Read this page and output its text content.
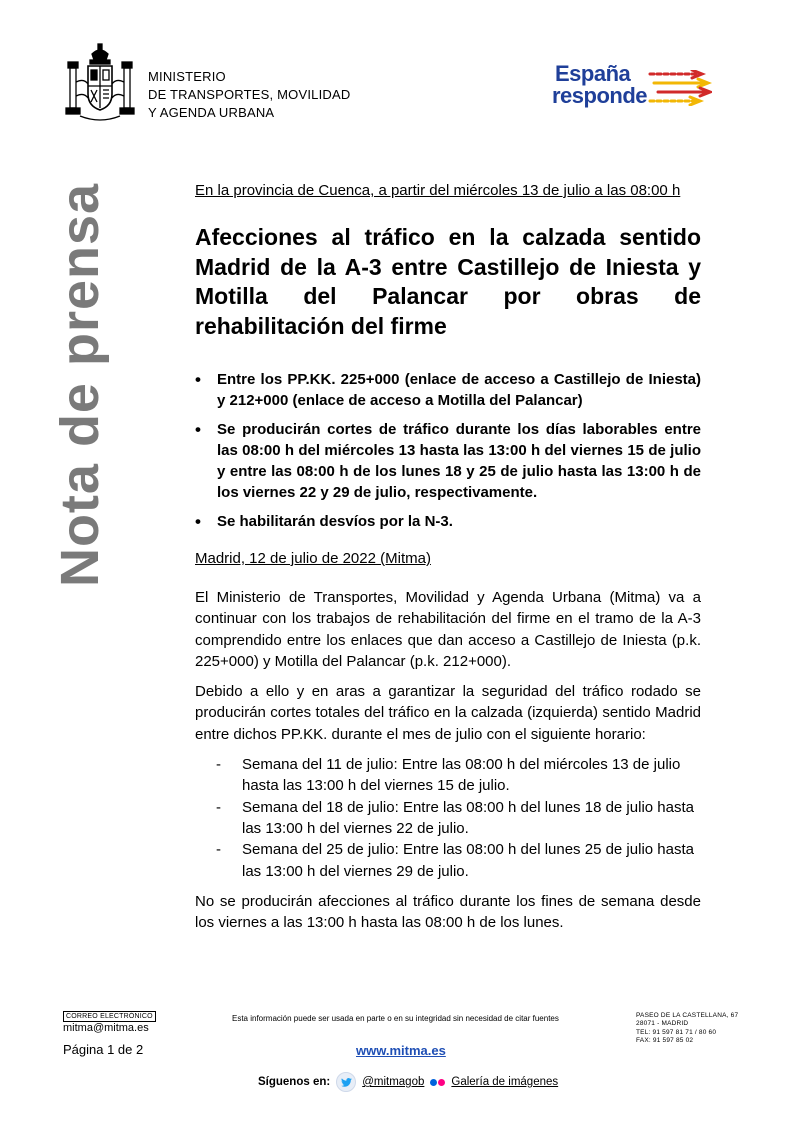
MINISTERIO
DE TRANSPORTES, MOVILIDAD
Y AGENDA URBANA
España
responde
Nota de prensa	En la provincia de Cuenca, a partir del miércoles 13 de julio a las 08:00 h

Afecciones al tráfico en la calzada sentido Madrid de la A-3 entre Castillejo de Iniesta y Motilla del Palancar por obras de rehabilitación del firme
• Entre los PP.KK. 225+000 (enlace de acceso a Castillejo de Iniesta) y 212+000 (enlace de acceso a Motilla del Palancar)
• Se producirán cortes de tráfico durante los días laborables entre las 08:00 h del miércoles 13 hasta las 13:00 h del viernes 15 de julio y entre las 08:00 h de los lunes 18 y 25 de julio hasta las 13:00 h de los viernes 22 y 29 de julio, respectivamente.
• Se habilitarán desvíos por la N-3.

Madrid, 12 de julio de 2022 (Mitma)

El Ministerio de Transportes, Movilidad y Agenda Urbana (Mitma) va a continuar con los trabajos de rehabilitación del firme en el tramo de la A-3 comprendido entre los enlaces que dan acceso a Castillejo de Iniesta (p.k. 225+000) y Motilla del Palancar (p.k. 212+000).

Debido a ello y en aras a garantizar la seguridad del tráfico rodado se producirán cortes totales del tráfico en la calzada (izquierda) sentido Madrid entre dichos PP.KK. durante el mes de julio con el siguiente horario:

- Semana del 11 de julio: Entre las 08:00 h del miércoles 13 de julio hasta las 13:00 h del viernes 15 de julio.
- Semana del 18 de julio: Entre las 08:00 h del lunes 18 de julio hasta las 13:00 h del viernes 22 de julio.
- Semana del 25 de julio: Entre las 08:00 h del lunes 25 de julio hasta las 13:00 h del viernes 29 de julio.

No se producirán afecciones al tráfico durante los fines de semana desde los viernes a las 13:00 h hasta las 08:00 h de los lunes.

CORREO ELECTRÓNICO
mitma@mitma.es
Página 1 de 2
Esta información puede ser usada en parte o en su integridad sin necesidad de citar fuentes
www.mitma.es
PASEO DE LA CASTELLANA, 67
28071 - MADRID
TEL: 91 597 81 71 / 80 60
FAX: 91 597 85 02
Síguenos en:	@mitmagob Galería de imágenes
